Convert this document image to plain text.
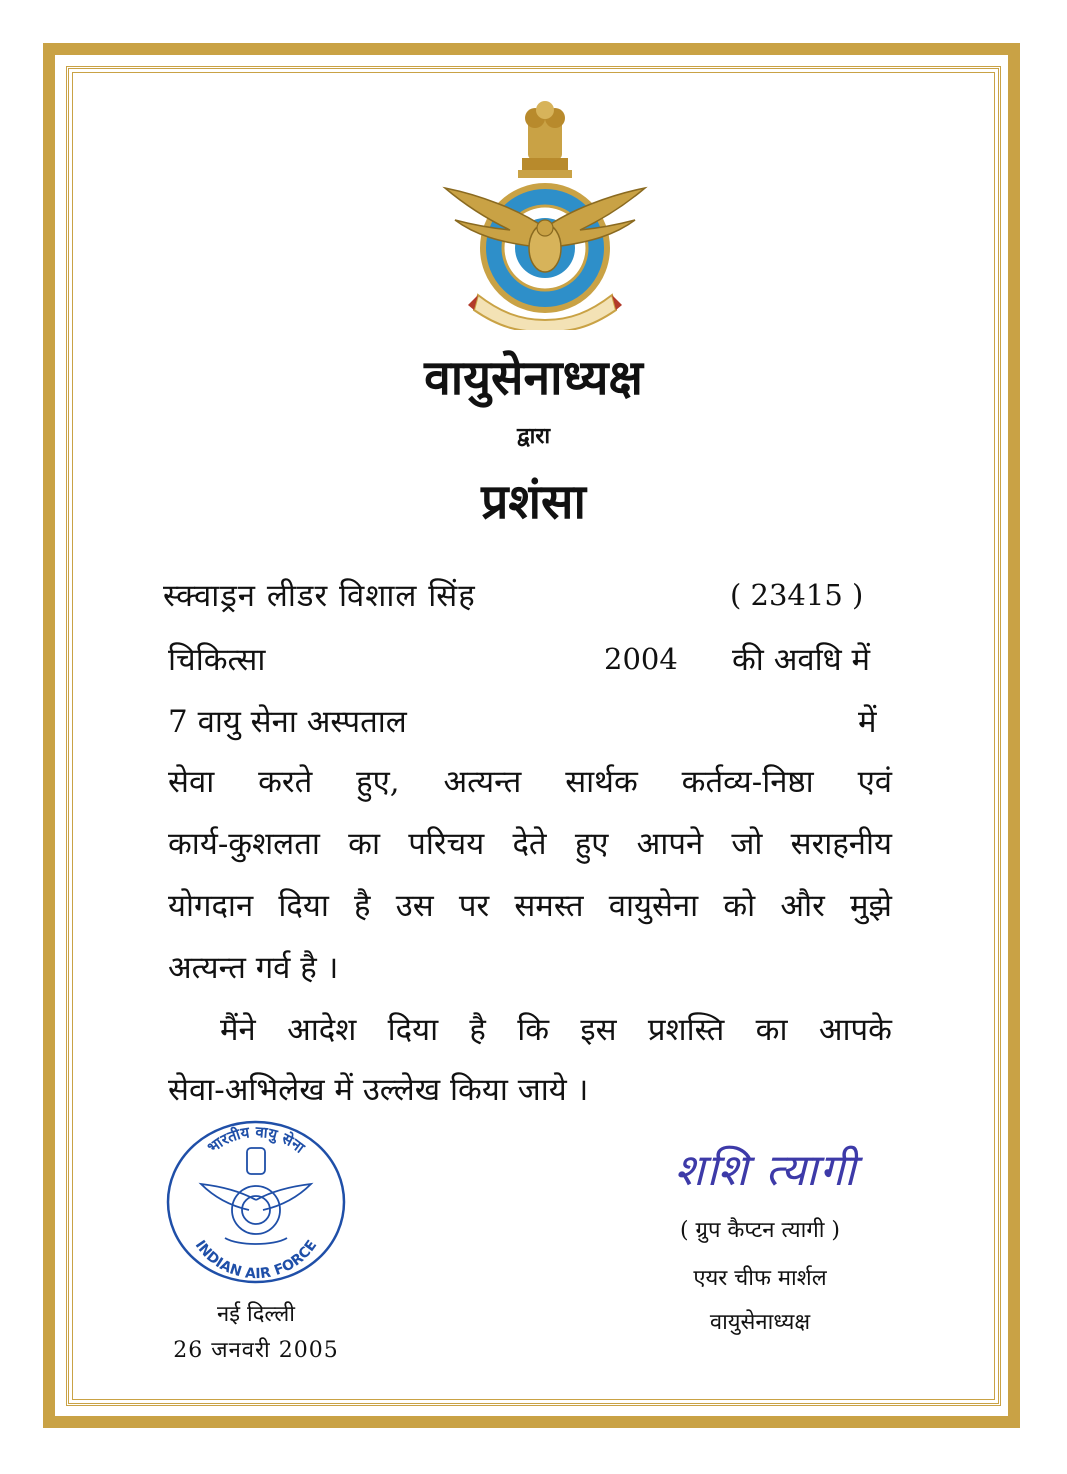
वायुसेनाध्यक्ष
द्वारा
प्रशंसा
स्क्वाड्रन लीडर विशाल सिंह	( 23415 )
चिकित्सा	2004 की अवधि में
7 वायु सेना अस्पताल	में
सेवा करते हुए, अत्यन्त सार्थक कर्तव्य-निष्ठा एवं
कार्य-कुशलता का परिचय देते हुए आपने जो सराहनीय
योगदान दिया है उस पर समस्त वायुसेना को और मुझे
अत्यन्त गर्व है ।
मैंने आदेश दिया है कि इस प्रशस्ति का आपके
सेवा-अभिलेख में उल्लेख किया जाये ।
भारतीय वायु सेना
INDIAN AIR FORCE
नई दिल्ली
26 जनवरी 2005
शशि त्यागी
( ग्रुप कैप्टन त्यागी )
एयर चीफ मार्शल
वायुसेनाध्यक्ष
